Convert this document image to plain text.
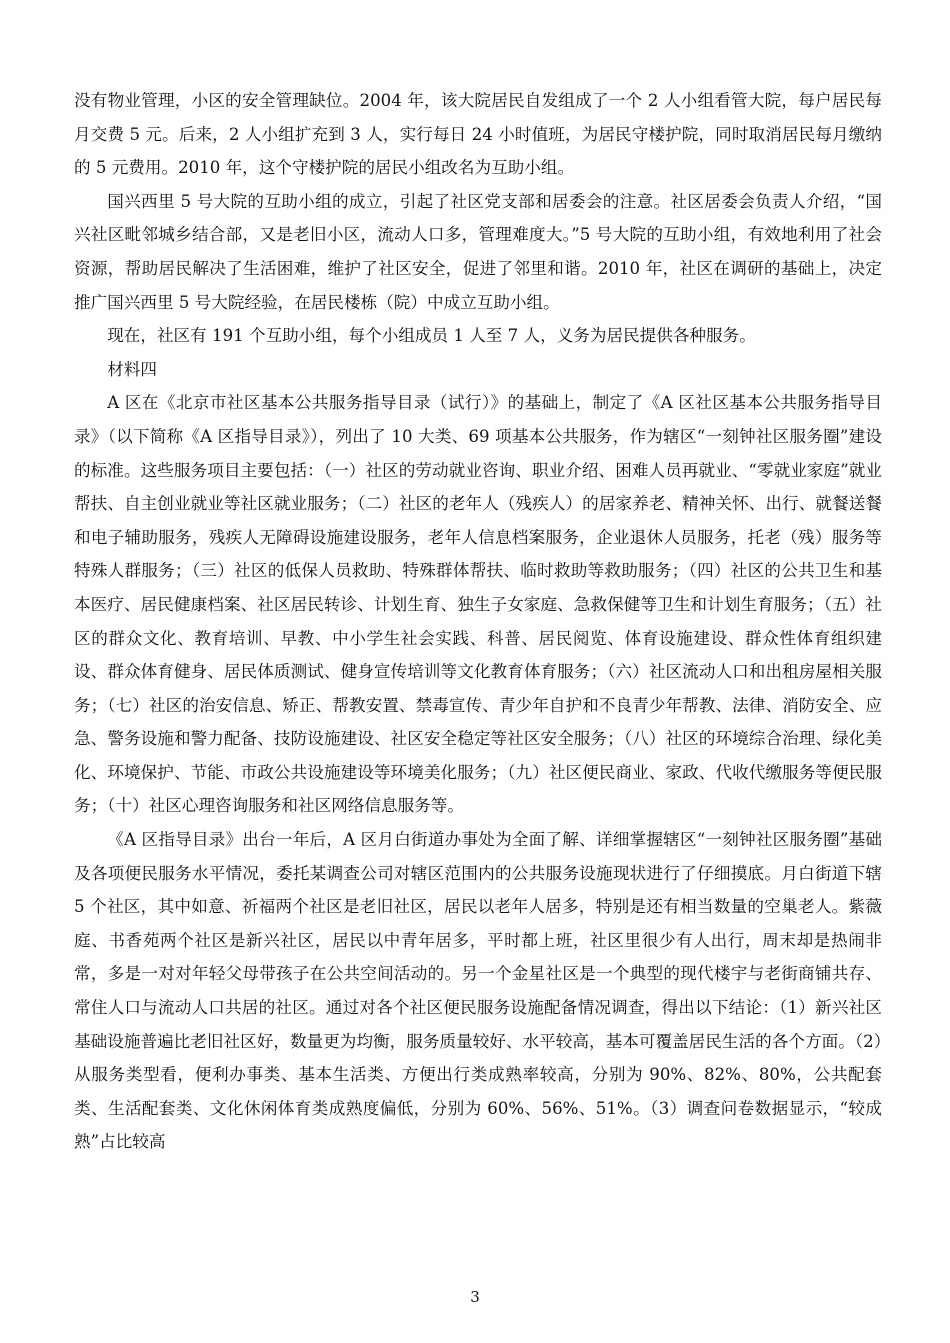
没有物业管理，小区的安全管理缺位。2004 年，该大院居民自发组成了一个 2 人小组看管大院，每户居民每月交费 5 元。后来，2 人小组扩充到 3 人，实行每日 24 小时值班，为居民守楼护院，同时取消居民每月缴纳的 5 元费用。2010 年，这个守楼护院的居民小组改名为互助小组。

国兴西里 5 号大院的互助小组的成立，引起了社区党支部和居委会的注意。社区居委会负责人介绍，“国兴社区毗邻城乡结合部，又是老旧小区，流动人口多，管理难度大。”5 号大院的互助小组，有效地利用了社会资源，帮助居民解决了生活困难，维护了社区安全，促进了邻里和谐。2010 年，社区在调研的基础上，决定推广国兴西里 5 号大院经验，在居民楼栋（院）中成立互助小组。

现在，社区有 191 个互助小组，每个小组成员 1 人至 7 人，义务为居民提供各种服务。

材料四

A 区在《北京市社区基本公共服务指导目录（试行）》的基础上，制定了《A 区社区基本公共服务指导目录》（以下简称《A 区指导目录》），列出了 10 大类、69 项基本公共服务，作为辖区“一刻钟社区服务圈”建设的标准。这些服务项目主要包括：（一）社区的劳动就业咨询、职业介绍、困难人员再就业、“零就业家庭”就业帮扶、自主创业就业等社区就业服务；（二）社区的老年人（残疾人）的居家养老、精神关怀、出行、就餐送餐和电子辅助服务，残疾人无障碍设施建设服务，老年人信息档案服务，企业退休人员服务，托老（残）服务等特殊人群服务；（三）社区的低保人员救助、特殊群体帮扶、临时救助等救助服务；（四）社区的公共卫生和基本医疗、居民健康档案、社区居民转诊、计划生育、独生子女家庭、急救保健等卫生和计划生育服务；（五）社区的群众文化、教育培训、早教、中小学生社会实践、科普、居民阅览、体育设施建设、群众性体育组织建设、群众体育健身、居民体质测试、健身宣传培训等文化教育体育服务；（六）社区流动人口和出租房屋相关服务；（七）社区的治安信息、矫正、帮教安置、禁毒宣传、青少年自护和不良青少年帮教、法律、消防安全、应急、警务设施和警力配备、技防设施建设、社区安全稳定等社区安全服务；（八）社区的环境综合治理、绿化美化、环境保护、节能、市政公共设施建设等环境美化服务；（九）社区便民商业、家政、代收代缴服务等便民服务；（十）社区心理咨询服务和社区网络信息服务等。

《A 区指导目录》出台一年后，A 区月白街道办事处为全面了解、详细掌握辖区“一刻钟社区服务圈”基础及各项便民服务水平情况，委托某调查公司对辖区范围内的公共服务设施现状进行了仔细摸底。月白街道下辖 5 个社区，其中如意、祈福两个社区是老旧社区，居民以老年人居多，特别是还有相当数量的空巢老人。紫薇庭、书香苑两个社区是新兴社区，居民以中青年居多，平时都上班，社区里很少有人出行，周末却是热闹非常，多是一对对年轻父母带孩子在公共空间活动的。另一个金星社区是一个典型的现代楼宇与老街商铺共存、常住人口与流动人口共居的社区。通过对各个社区便民服务设施配备情况调查，得出以下结论：（1）新兴社区基础设施普遍比老旧社区好，数量更为均衡，服务质量较好、水平较高，基本可覆盖居民生活的各个方面。（2）从服务类型看，便利办事类、基本生活类、方便出行类成熟率较高，分别为 90%、82%、80%，公共配套类、生活配套类、文化休闲体育类成熟度偏低，分别为 60%、56%、51%。（3）调查问卷数据显示，“较成熟”占比较高

3
